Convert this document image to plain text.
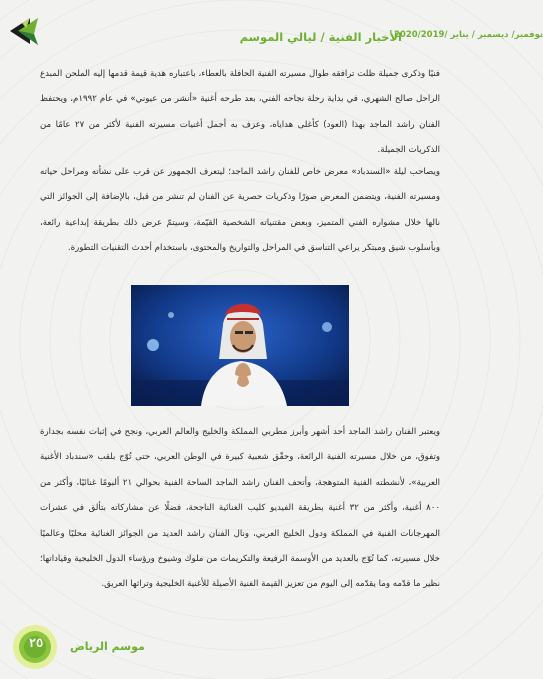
الأخبار الفنية / ليالي الموسم
نوفمبر/ ديسمبر / يناير /2020/2019

فنيًا وذكرى جميلة ظلت ترافقه طوال مسيرته الفنية الحافلة بالعطاء، باعتباره هدية قيمة قدمها إليه الملحن المبدع الراحل صالح الشهري، في بداية رحلة نجاحه الفني، بعد طرحه أغنية «أنشر من عيوني» في عام ١٩٩٢م، ويحتفظ الفنان راشد الماجد بهذا (العود) كأغلى هداياه، وعزف به أجمل أغنيات مسيرته الفنية لأكثر من ٢٧ عامًا من الذكريات الجميلة.

ويصاحب ليلة «السندباد» معرض خاص للفنان راشد الماجد؛ ليتعرف الجمهور عن قرب على نشأته ومراحل حياته ومسيرته الفنية، ويتضمن المعرض صورًا وذكريات حصرية عن الفنان لم تنشر من قبل، بالإضافة إلى الجوائز التي نالها خلال مشواره الفني المتميز، وبعض مقتنياته الشخصية القيّمة، وسيتمّ عرض ذلك بطريقة إبداعية رائعة، وبأسلوب شيق ومبتكر يراعي التناسق في المراحل والتواريخ والمحتوى، باستخدام أحدث التقنيات التطورة.

ويعتبر الفنان راشد الماجد أحد أشهر وأبرز مطربي المملكة والخليج والعالم العربي، ونجح في إثبات نفسه بجدارة وتفوق، من خلال مسيرته الفنية الرائعة، وحقّق شعبية كبيرة في الوطن العربي، حتى تُوّج بلقب «سندباد الأغنية العربية»، لأنشطته الفنية المتوهجة، وأتحف الفنان راشد الماجد الساحة الفنية بحوالي ٢١ ألبومًا غنائيًا، وأكثر من ٨٠٠ أغنية، وأكثر من ٣٢ أغنية بطريقة الفيديو كليب الغنائية الناجحة، فضلًا عن مشاركاته بتألق في عشرات المهرجانات الفنية في المملكة ودول الخليج العربي، ونال الفنان راشد العديد من الجوائز الغنائية محليًا وعالميًا خلال مسيرته، كما تُوّج بالعديد من الأوسمة الرفيعة والتكريمات من ملوك وشيوخ ورؤساء الدول الخليجية وقياداتها؛ نظير ما قدّمه وما يقدّمه إلى اليوم من تعزيز القيمة الفنية الأصيلة للأغنية الخليجية وتراثها العريق.

٢٥	موسم الرياض
